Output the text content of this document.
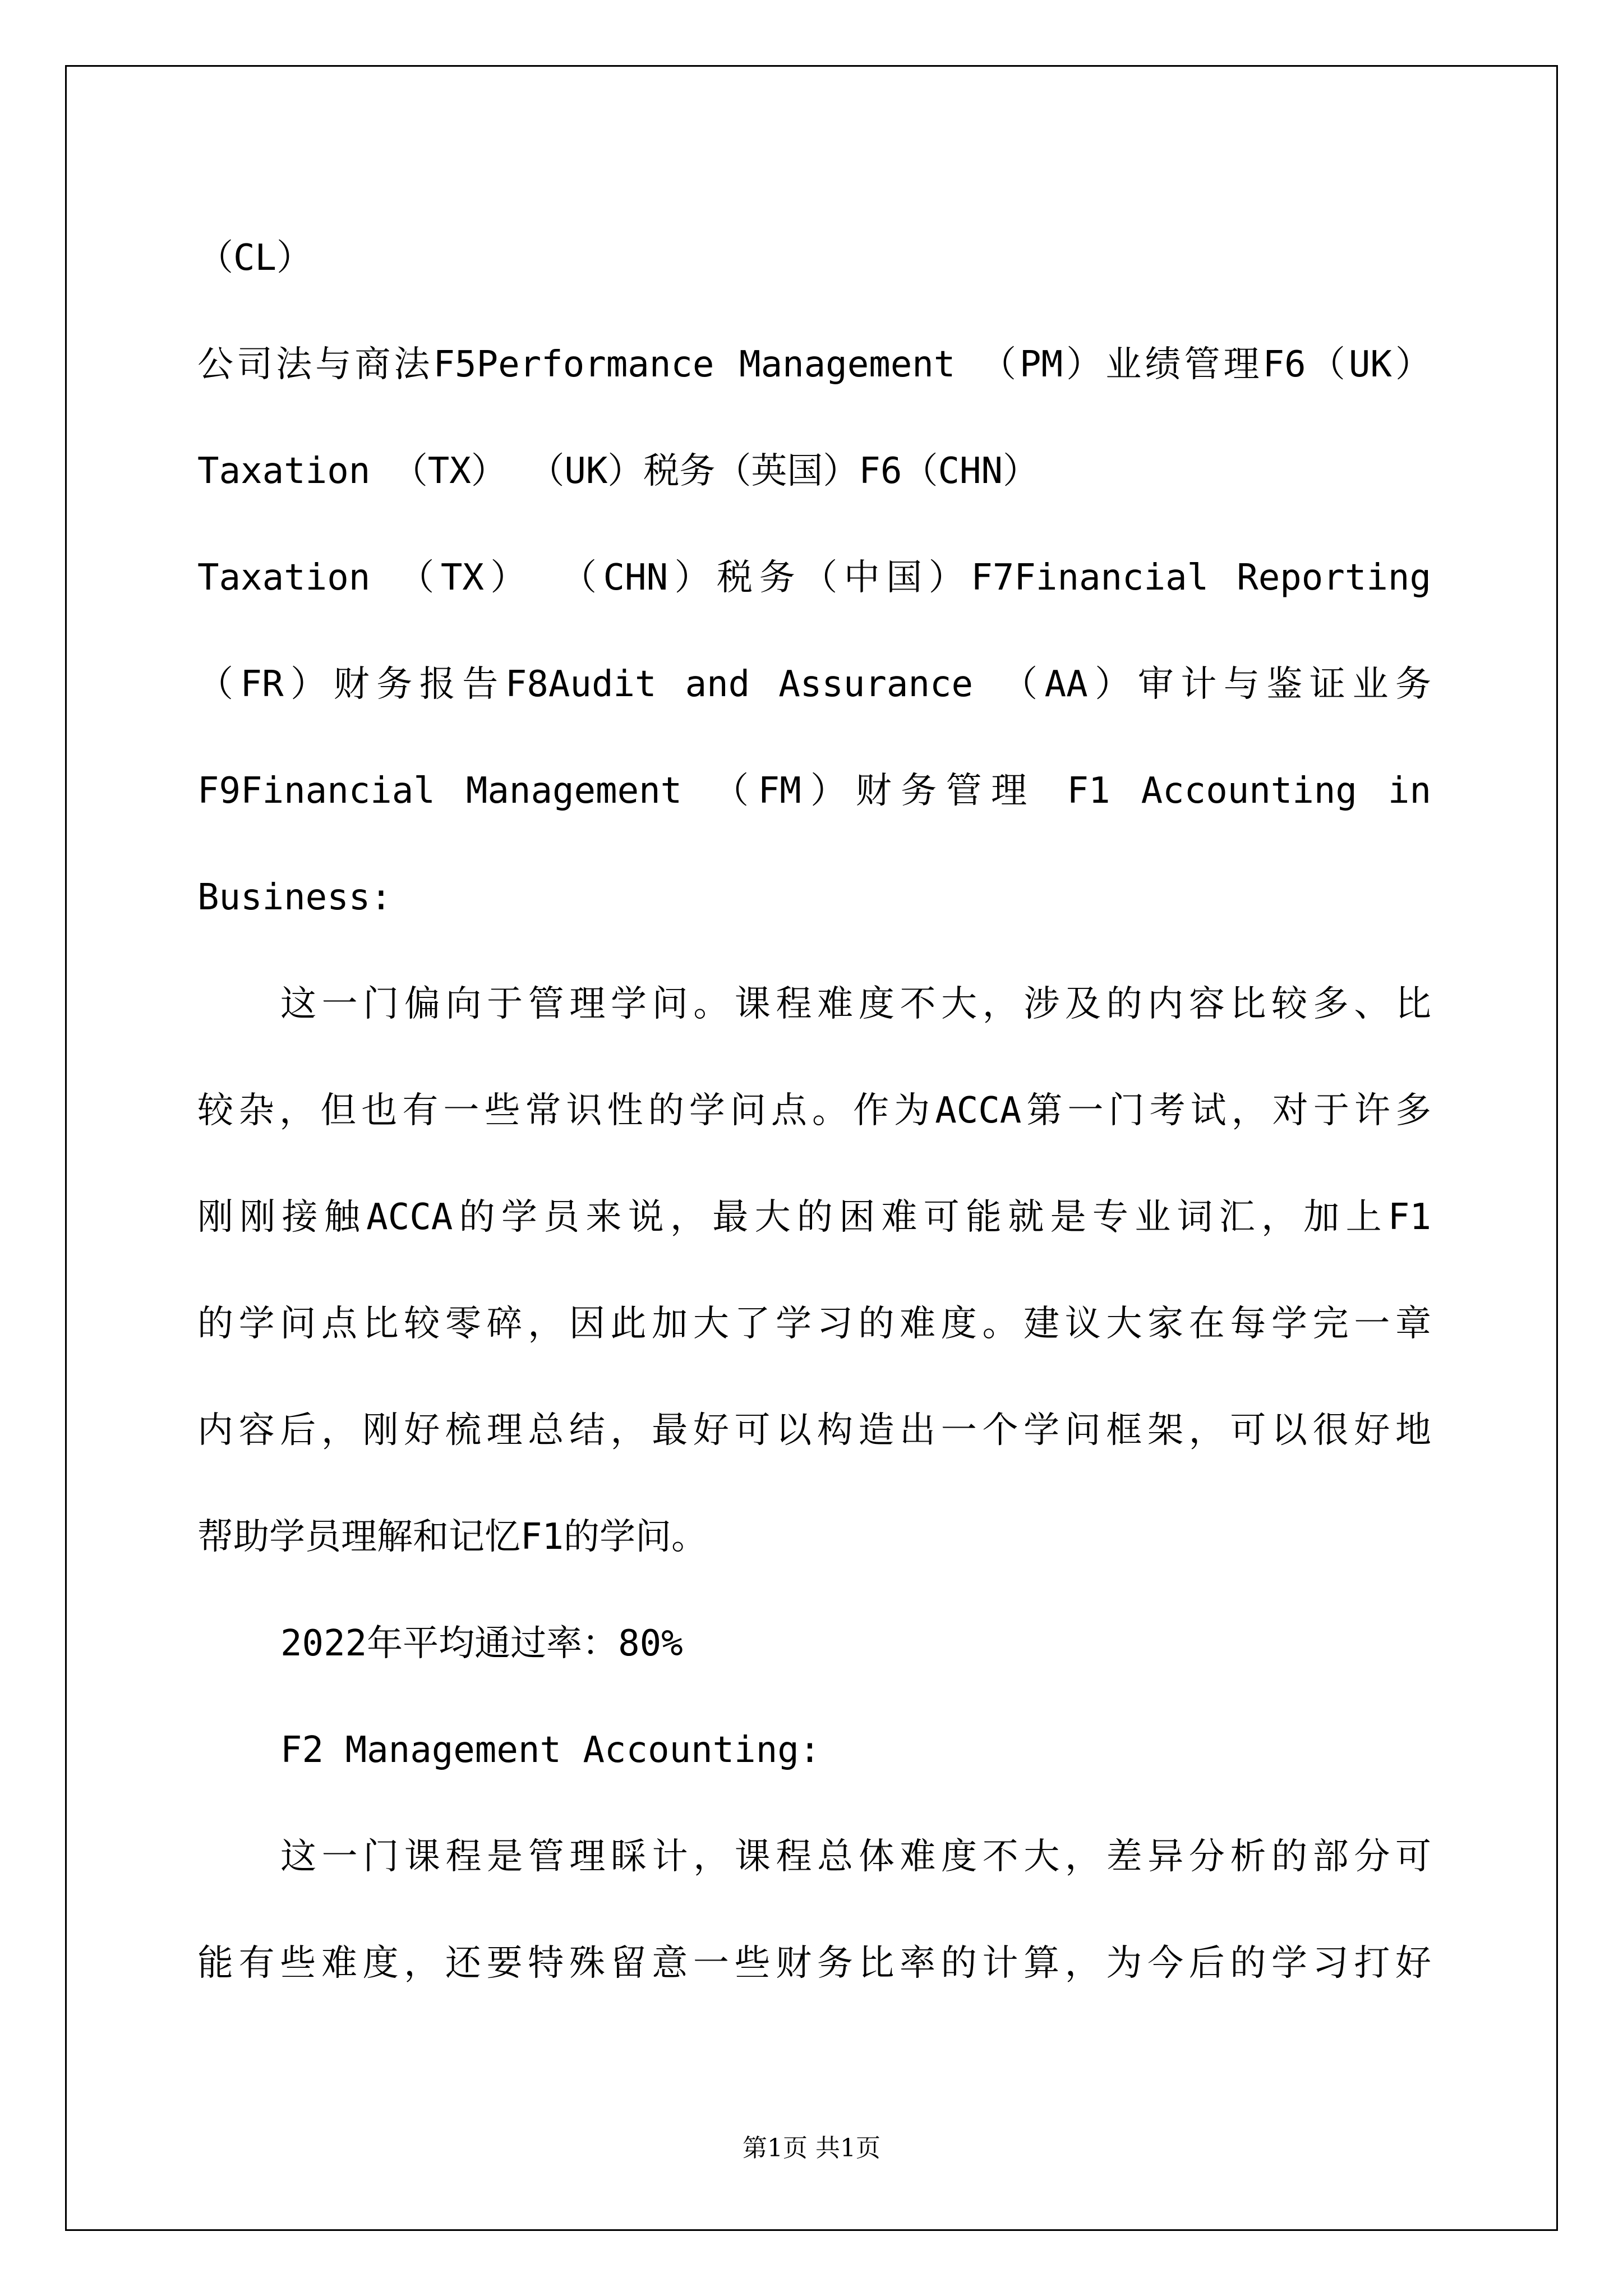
（CL）
公司法与商法F5Performance Management （PM）业绩管理F6（UK）
Taxation （TX） （UK）税务（英国）F6（CHN）
Taxation （TX） （CHN）税务（中国）F7Financial Reporting
（FR）财务报告F8Audit and Assurance （AA）审计与鉴证业务
F9Financial Management （FM）财务管理 F1 Accounting in
Business:
这一门偏向于管理学问。课程难度不大，涉及的内容比较多、比
较杂，但也有一些常识性的学问点。作为ACCA第一门考试，对于许多
刚刚接触ACCA的学员来说，最大的困难可能就是专业词汇，加上F1
的学问点比较零碎，因此加大了学习的难度。建议大家在每学完一章
内容后，刚好梳理总结，最好可以构造出一个学问框架，可以很好地
帮助学员理解和记忆F1的学问。
2022年平均通过率：80%
F2 Management Accounting:
这一门课程是管理睬计，课程总体难度不大，差异分析的部分可
能有些难度，还要特殊留意一些财务比率的计算，为今后的学习打好
第1页 共1页
